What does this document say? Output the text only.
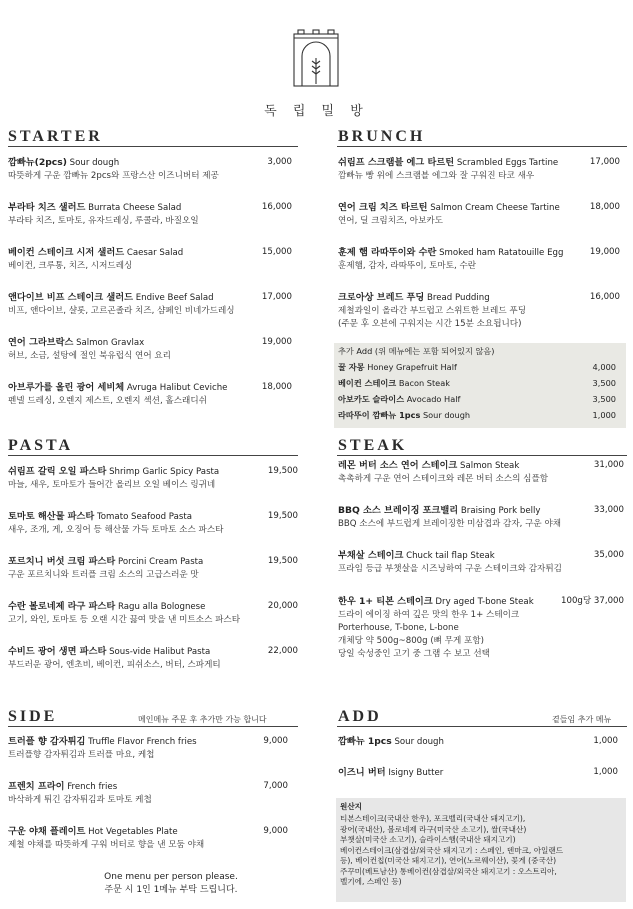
독 립 밀 방
STARTER
깜빠뉴(2pcs) Sour dough
따뜻하게 구운 깜빠뉴 2pcs와 프랑스산 이즈니버터 제공
3,000
부라타 치즈 샐러드 Burrata Cheese Salad
부라타 치즈, 토마토, 유자드레싱, 루콜라, 바질오일
16,000
베이컨 스테이크 시저 샐러드 Caesar Salad
베이컨, 크루통, 치즈, 시저드레싱
15,000
앤다이브 비프 스테이크 샐러드 Endive Beef Salad
비프, 앤다이브, 샬롯, 고르곤졸라 치즈, 샴페인 비네가드레싱
17,000
연어 그라브락스 Salmon Gravlax
허브, 소금, 설탕에 절인 북유럽식 연어 요리
19,000
아브루가를 올린 광어 세비체 Avruga Halibut Ceviche
펜넬 드레싱, 오렌지 제스트, 오렌지 섹션, 홀스래디쉬
18,000
PASTA
쉬림프 갈릭 오일 파스타 Shrimp Garlic Spicy Pasta
마늘, 새우, 토마토가 들어간 올리브 오일 베이스 링귀네
19,500
토마토 해산물 파스타 Tomato Seafood Pasta
새우, 조개, 게, 오징어 등 해산물 가득 토마토 소스 파스타
19,500
포르치니 버섯 크림 파스타 Porcini Cream Pasta
구운 포르치니와 트러플 크림 소스의 고급스러운 맛
19,500
수란 볼로네제 라구 파스타 Ragu alla Bolognese
고기, 와인, 토마토 등 오랜 시간 끓여 맛을 낸 미트소스 파스타
20,000
수비드 광어 생면 파스타 Sous-vide Halibut Pasta
부드러운 광어, 엔초비, 베이컨, 피쉬소스, 버터, 스파게티
22,000
SIDE	메인메뉴 주문 후 추가만 가능 합니다
트러플 향 감자튀김 Truffle Flavor French fries
트러플향 감자튀김과 트러플 마요, 케첩
9,000
프렌치 프라이 French fries
바삭하게 튀긴 감자튀김과 토마토 케첩
7,000
구운 야채 플레이트 Hot Vegetables Plate
제철 야채를 따뜻하게 구워 버터로 향을 낸 모둠 야채
9,000
One menu per person please.
주문 시 1인 1메뉴 부탁 드립니다.
BRUNCH
쉬림프 스크램블 에그 타르틴 Scrambled Eggs Tartine
깜빠뉴 빵 위에 스크램블 에그와 잘 구워진 타코 새우
17,000
연어 크림 치즈 타르틴 Salmon Cream Cheese Tartine
연어, 딜 크림치즈, 아보카도
18,000
훈제 햄 라따뚜이와 수란 Smoked ham Ratatouille Egg
훈제햄, 감자, 라따뚜이, 토마토, 수란
19,000
크로아상 브레드 푸딩 Bread Pudding
제철과일이 올라간 부드럽고 스위트한 브레드 푸딩
(주문 후 오븐에 구워지는 시간 15분 소요됩니다)
16,000
추가 Add (위 메뉴에는 포함 되어있지 않음)
꿀 자몽 Honey Grapefruit Half	4,000
베이컨 스테이크 Bacon Steak	3,500
아보카도 슬라이스 Avocado Half	3,500
라따뚜이 깜빠뉴 1pcs Sour dough	1,000
STEAK
레몬 버터 소스 연어 스테이크 Salmon Steak
촉촉하게 구운 연어 스테이크와 레몬 버터 소스의 심플함
31,000
BBQ 소스 브레이징 포크밸리 Braising Pork belly
BBQ 소스에 부드럽게 브레이징한 미삼겹과 감자, 구운 야채
33,000
부채살 스테이크 Chuck tail flap Steak
프라임 등급 부챗살을 시즈닝하여 구운 스테이크와 감자튀김
35,000
한우 1+ 티본 스테이크 Dry aged T-bone Steak
드라이 에이징 하여 깊은 맛의 한우 1+ 스테이크
Porterhouse, T-bone, L-bone
개체당 약 500g~800g (뼈 무게 포함)
당일 숙성중인 고기 중 그램 수 보고 선택
100g당 37,000
ADD	곁들임 추가 메뉴
깜빠뉴 1pcs Sour dough	1,000
이즈니 버터 Isigny Butter	1,000
원산지
티본스테이크(국내산 한우), 포크벨리(국내산 돼지고기),
광어(국내산), 볼로네제 라구(미국산 소고기), 쌀(국내산)
부챗살(미국산 소고기), 슬라이스햄(국내산 돼지고기)
베이컨스테이크(삼겹살/외국산 돼지고기 : 스페인, 덴마크, 아일랜드
등), 베이컨칩(미국산 돼지고기), 연어(노르웨이산), 꽃게 (중국산)
주꾸미(베트남산) 통베이컨(삼겹살/외국산 돼지고기 : 오스트리아,
벨기에, 스페인 등)
